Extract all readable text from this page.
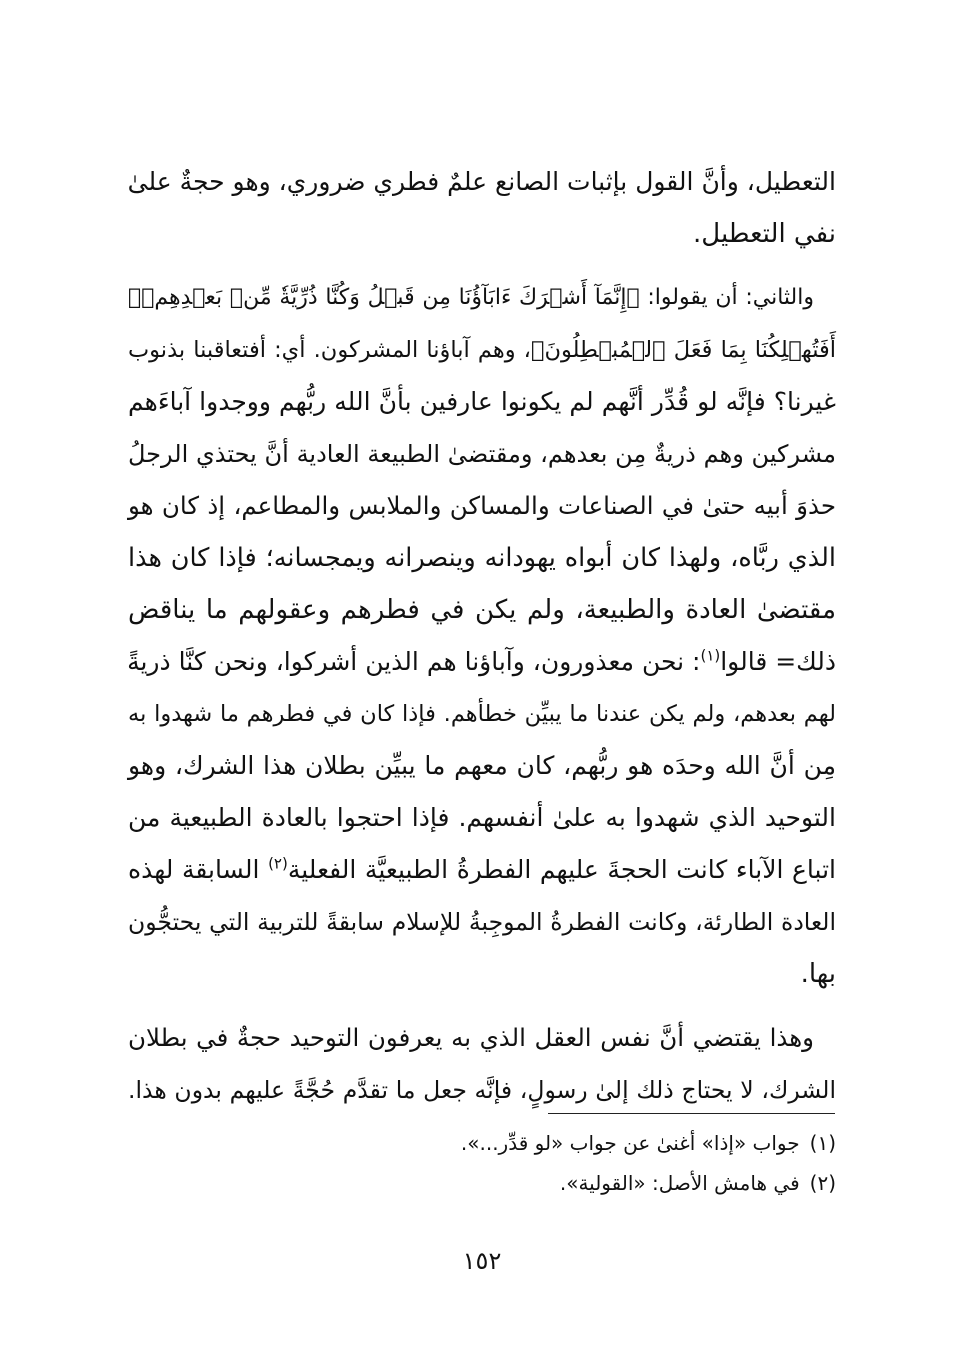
التعطيل، وأنَّ القول بإثبات الصانع علمٌ فطري ضروري، وهو حجةٌ علىٰ
نفي التعطيل.
والثاني: أن يقولوا: ﴿إِنَّمَآ أَشۡرَكَ ءَابَآؤُنَا مِن قَبۡلُ وَكُنَّا ذُرِّيَّةٗ مِّنۢ بَعۡدِهِمۡۖ
أَفَتُهۡلِكُنَا بِمَا فَعَلَ ٱلۡمُبۡطِلُونَ﴾، وهم آباؤنا المشركون. أي: أفتعاقبنا بذنوب
غيرنا؟ فإنَّه لو قُدِّر أنَّهم لم يكونوا عارفين بأنَّ الله ربُّهم ووجدوا آباءَهم
مشركين وهم ذريةٌ مِن بعدهم، ومقتضىٰ الطبيعة العادية أنَّ يحتذي الرجلُ
حذوَ أبيه حتىٰ في الصناعات والمساكن والملابس والمطاعم، إذ كان هو
الذي ربَّاه، ولهذا كان أبواه يهودانه وينصرانه ويمجسانه؛ فإذا كان هذا
مقتضىٰ العادة والطبيعة، ولم يكن في فطرهم وعقولهم ما يناقض
ذلك= قالوا$^{(١)}$: نحن معذورون، وآباؤنا هم الذين أشركوا، ونحن كنَّا ذريةً
لهم بعدهم، ولم يكن عندنا ما يبيِّن خطأهم. فإذا كان في فطرهم ما شهدوا به
مِن أنَّ الله وحدَه هو ربُّهم، كان معهم ما يبيِّن بطلان هذا الشرك، وهو
التوحيد الذي شهدوا به علىٰ أنفسهم. فإذا احتجوا بالعادة الطبيعية من
اتباع الآباء كانت الحجةَ عليهم الفطرةُ الطبيعيَّة الفعلية$^{(٢)}$ السابقة لهذه
العادة الطارئة، وكانت الفطرةُ الموجِبةُ للإسلام سابقةً للتربية التي يحتجُّون
بها.
وهذا يقتضي أنَّ نفس العقل الذي به يعرفون التوحيد حجةٌ في بطلان
الشرك، لا يحتاج ذلك إلىٰ رسولٍ، فإنَّه جعل ما تقدَّم حُجَّةً عليهم بدون هذا.
(١)جواب «إذا» أغنىٰ عن جواب «لو قدِّر...».
(٢)في هامش الأصل: «القولية».
١٥٢
